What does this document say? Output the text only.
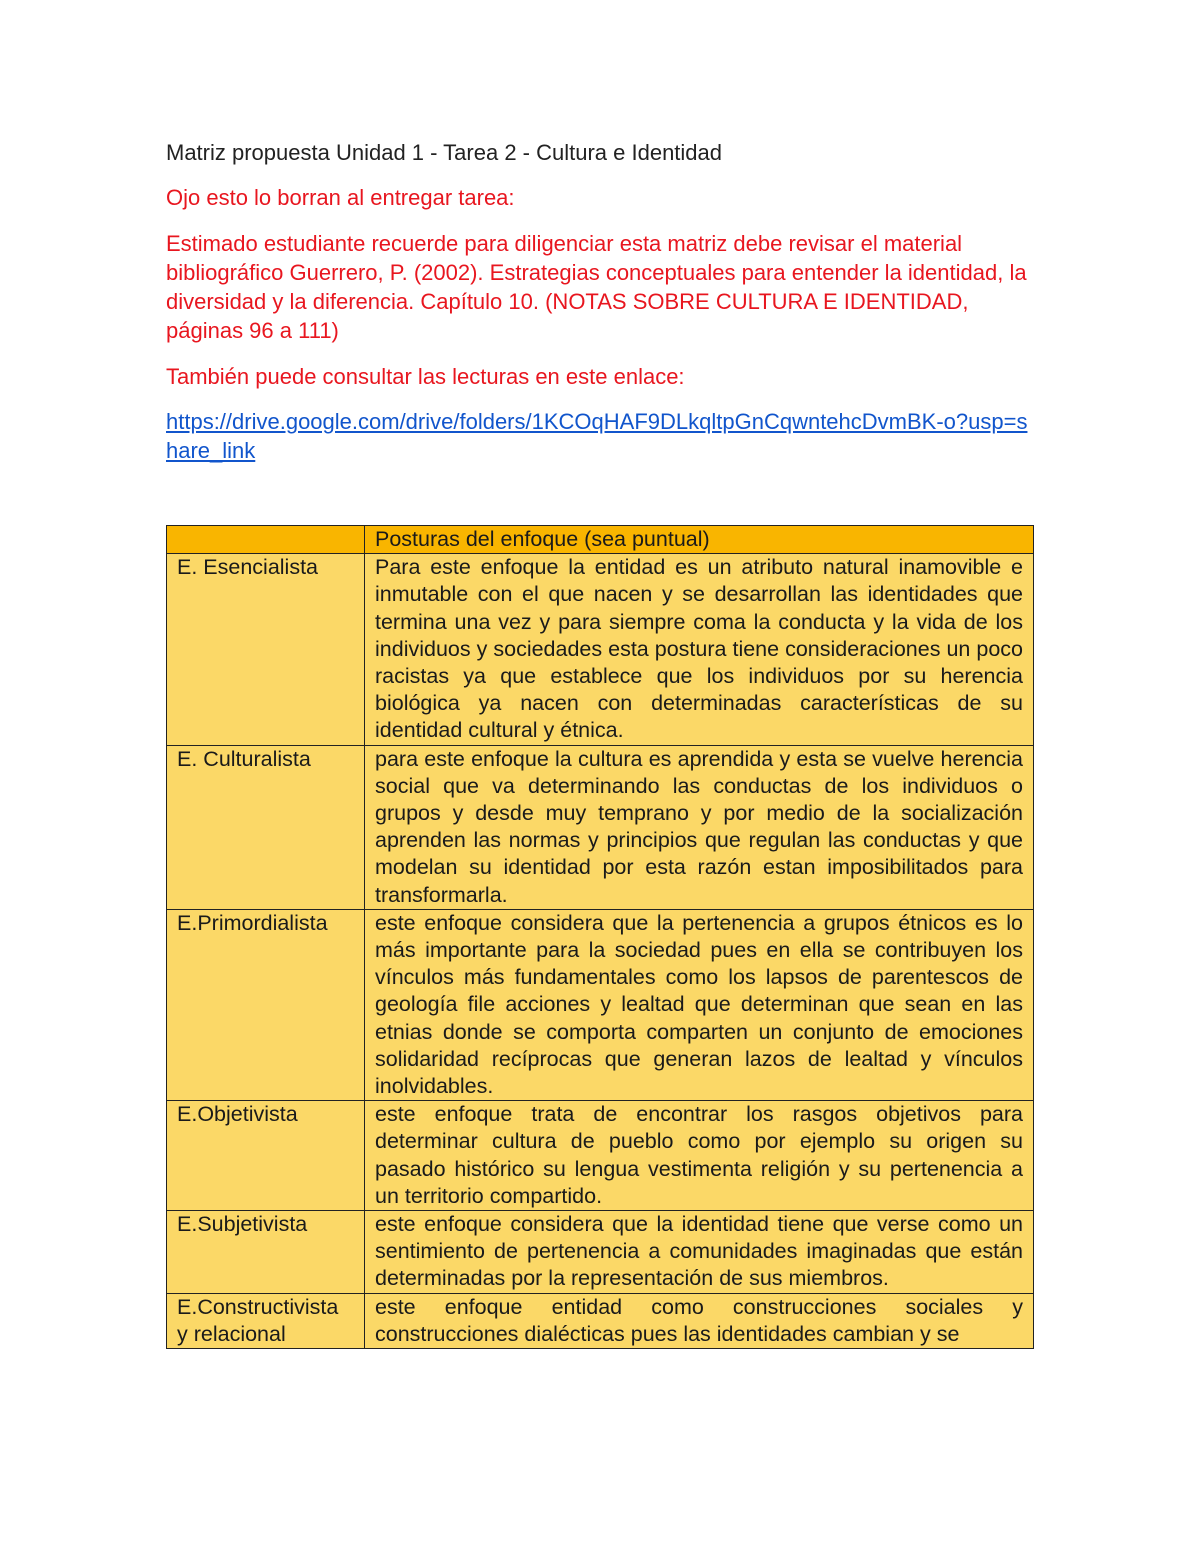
Matriz propuesta Unidad 1 - Tarea 2 - Cultura e Identidad
Ojo esto lo borran al entregar tarea:
Estimado estudiante recuerde para diligenciar esta matriz debe revisar el material bibliográfico Guerrero, P. (2002). Estrategias conceptuales para entender la identidad, la diversidad y la diferencia. Capítulo 10. (NOTAS SOBRE CULTURA E IDENTIDAD, páginas 96 a 111)
También puede consultar las lecturas en este enlace:
https://drive.google.com/drive/folders/1KCOqHAF9DLkqltpGnCqwntehcDvmBK-o?usp=share_link
	Posturas del enfoque (sea puntual)
E. Esencialista	Para este enfoque la entidad es un atributo natural inamovible e inmutable con el que nacen y se desarrollan las identidades que termina una vez y para siempre coma la conducta y la vida de los individuos y sociedades esta postura tiene consideraciones un poco racistas ya que establece que los individuos por su herencia biológica ya nacen con determinadas características de su identidad cultural y étnica.
E. Culturalista	para este enfoque la cultura es aprendida y esta se vuelve herencia social que va determinando las conductas de los individuos o grupos y desde muy temprano y por medio de la socialización aprenden las normas y principios que regulan las conductas y que modelan su identidad por esta razón estan imposibilitados para transformarla.
E.Primordialista	este enfoque considera que la pertenencia a grupos étnicos es lo más importante para la sociedad pues en ella se contribuyen los vínculos más fundamentales como los lapsos de parentescos de geología file acciones y lealtad que determinan que sean en las etnias donde se comporta comparten un conjunto de emociones solidaridad recíprocas que generan lazos de lealtad y vínculos inolvidables.
E.Objetivista	este enfoque trata de encontrar los rasgos objetivos para determinar cultura de pueblo como por ejemplo su origen su pasado histórico su lengua vestimenta religión y su pertenencia a un territorio compartido.
E.Subjetivista	este enfoque considera que la identidad tiene que verse como un sentimiento de pertenencia a comunidades imaginadas que están determinadas por la representación de sus miembros.
E.Constructivista y relacional	este enfoque entidad como construcciones sociales y construcciones dialécticas pues las identidades cambian y se
